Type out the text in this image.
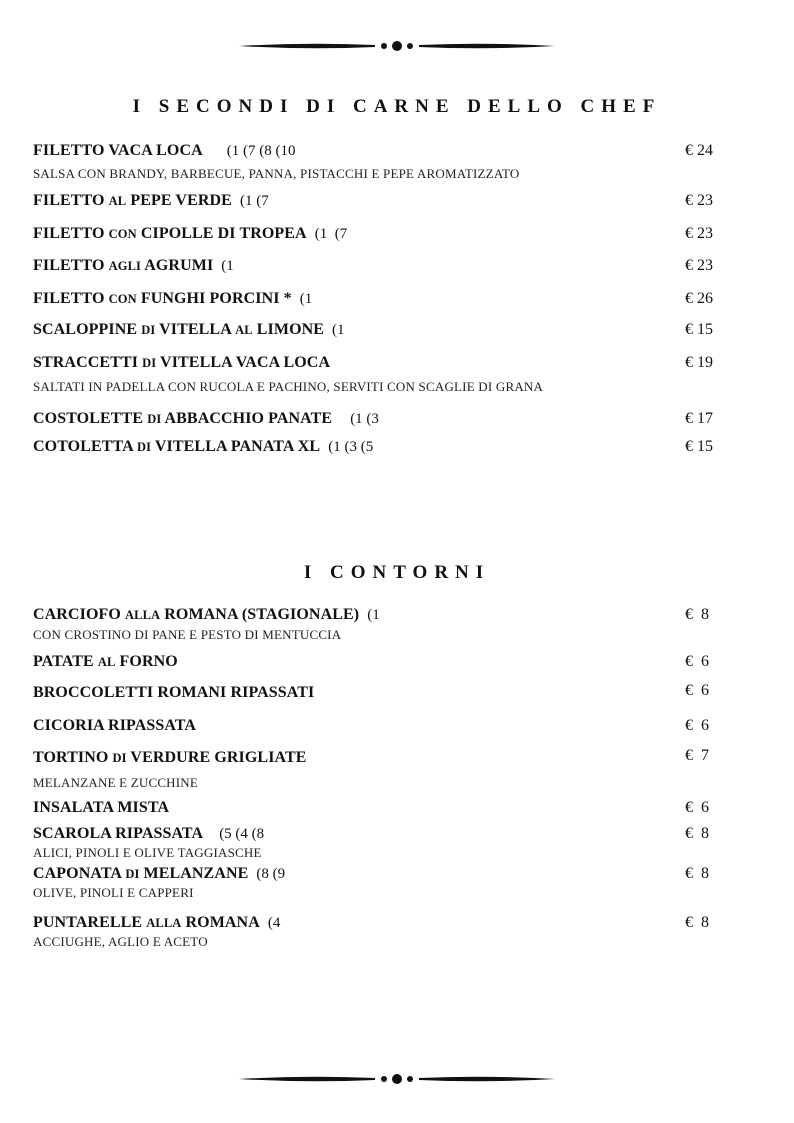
I SECONDI DI CARNE DELLO CHEF
FILETTO VACA LOCA (1 (7 (8 (10	€ 24
SALSA CON BRANDY, BARBECUE, PANNA, PISTACCHI E PEPE AROMATIZZATO
FILETTO AL PEPE VERDE (1 (7	€ 23
FILETTO CON CIPOLLE DI TROPEA (1  (7	€ 23
FILETTO AGLI AGRUMI (1	€ 23
FILETTO CON FUNGHI PORCINI * (1	€ 26
SCALOPPINE DI VITELLA AL LIMONE (1	€ 15
STRACCETTI DI VITELLA VACA LOCA	€ 19
SALTATI IN PADELLA CON RUCOLA E PACHINO, SERVITI CON SCAGLIE DI GRANA
COSTOLETTE DI ABBACCHIO PANATE (1 (3	€ 17
COTOLETTA DI VITELLA PANATA XL (1 (3 (5	€ 15
I CONTORNI
CARCIOFO ALLA ROMANA (STAGIONALE) (1	€  8
CON CROSTINO DI PANE E PESTO DI MENTUCCIA
PATATE AL FORNO	€  6
BROCCOLETTI ROMANI RIPASSATI	€  6
CICORIA RIPASSATA	€  6
TORTINO DI VERDURE GRIGLIATE	€  7
MELANZANE E ZUCCHINE
INSALATA MISTA	€  6
SCAROLA RIPASSATA (5 (4 (8	€  8
ALICI, PINOLI E OLIVE TAGGIASCHE
CAPONATA DI MELANZANE (8 (9	€  8
OLIVE, PINOLI E CAPPERI
PUNTARELLE ALLA ROMANA (4	€  8
ACCIUGHE, AGLIO E ACETO
